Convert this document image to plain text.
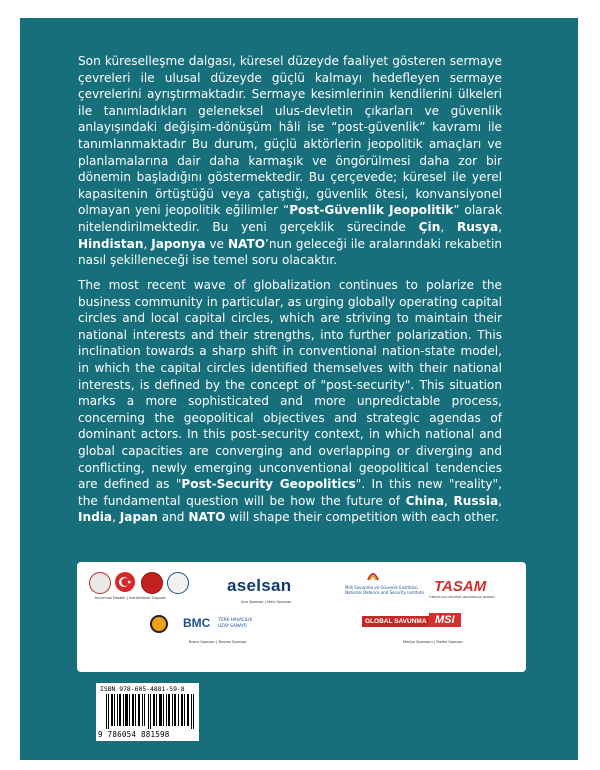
Son küreselleşme dalgası, küresel düzeyde faaliyet gösteren sermaye çevreleri ile ulusal düzeyde güçlü kalmayı hedefleyen sermaye çevrelerini ayrıştırmaktadır. Sermaye kesimlerinin kendilerini ülkeleri ile tanımladıkları geleneksel ulus-devletin çıkarları ve güvenlik anlayışındaki değişim-dönüşüm hâli ise “post-güvenlik” kavramı ile tanımlanmaktadır Bu durum, güçlü aktörlerin jeopolitik amaçları ve planlamalarına dair daha karmaşık ve öngörülmesi daha zor bir dönemin başladığını göstermektedir. Bu çerçevede; küresel ile yerel kapasitenin örtüştüğü veya çatıştığı, güvenlik ötesi, konvansiyonel olmayan yeni jeopolitik eğilimler “Post-Güvenlik Jeopolitik” olarak nitelendirilmektedir. Bu yeni gerçeklik sürecinde Çin, Rusya, Hindistan, Japonya ve NATO’nun geleceği ile aralarındaki rekabetin nasıl şekilleneceği ise temel soru olacaktır.

The most recent wave of globalization continues to polarize the business community in particular, as urging globally operating capital circles and local capital circles, which are striving to maintain their national interests and their strengths, into further polarization. This inclination towards a sharp shift in conventional nation-state model, in which the capital circles identified themselves with their national interests, is defined by the concept of "post-security". This situation marks a more sophisticated and more unpredictable process, concerning the geopolitical objectives and strategic agendas of dominant actors. In this post-security context, in which national and global capacities are converging and overlapping or diverging and conflicting, newly emerging unconventional geopolitical tendencies are defined as "Post-Security Geopolitics". In this new "reality", the fundamental question will be how the future of China, Russia, India, Japan and NATO will shape their competition with each other.

Kurumsal Destek | Institutional Support
aselsan
Ana Sponsor | Main Sponsor
Milli Savunma ve Güvenlik Enstitüsü
National Defence and Security Institute TASAM
TÜRKİYE ASYA STRATEJİK ARAŞTIRMALAR MERKEZİ
BMC TÜRK HAVACILIK
UZAY SANAYİİ
Bronz Sponsor | Bronze Sponsor
GLOBAL SAVUNMA MSI
Medya Sponsoru | Media Sponsor
ISBN 978-605-4881-59-8
9 786054 881598
